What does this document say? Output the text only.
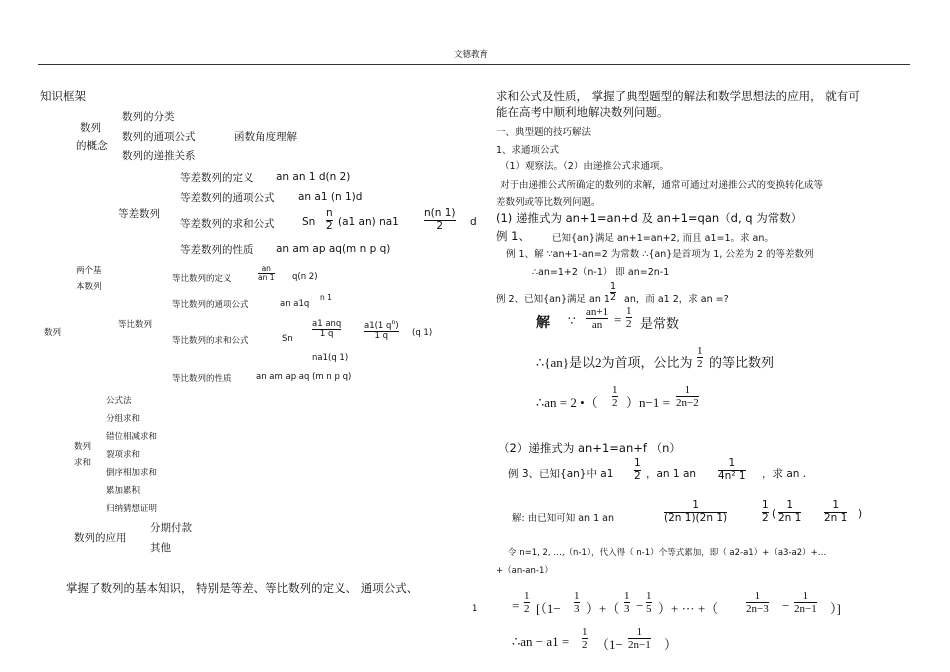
文德教育
知识框架
数列
的概念
数列的分类
数列的通项公式
数列的递推关系
函数角度理解
数列
两个基
本数列
等差数列
等差数列的定义 an an 1 d(n 2)
等差数列的通项公式 an a1 (n 1)d
等差数列的求和公式	Sn
n
2 (a1 an) na1
n(n 1)
2	d
等差数列的性质 an am ap aq(m n p q)
等比数列
等比数列的定义
an
an 1 q(n 2)
等比数列的通项公式	an a1q
n 1
等比数列的求和公式	Sn
a1 anq
1 q
a1(1 $q^n$)
1 q	(q 1)
na1(q 1)
等比数列的性质	an am ap aq (m n p q)
数列
求和
公式法
分组求和
错位相减求和
裂项求和
倒序相加求和
累加累积
归纳猜想证明
数列的应用
分期付款
其他
掌握了数列的基本知识， 特别是等差、等比数列的定义、 通项公式、
1
求和公式及性质， 掌握了典型题型的解法和数学思想法的应用， 就有可
能在高考中顺利地解决数列问题。
一、典型题的技巧解法
1、求通项公式
（1）观察法。（2）由递推公式求通项。
对于由递推公式所确定的数列的求解，通常可通过对递推公式的变换转化成等
差数列或等比数列问题。
(1) 递推式为 an+1=an+d 及 an+1=qan（d, q 为常数）
例 1、 已知{an}满足 an+1=an+2, 而且 a1=1。求 an。
例 1、解 ∵an+1-an=2 为常数 ∴{an}是首项为 1, 公差为 2 的等差数列
∴an=1+2（n-1） 即 an=2n-1
例 2、已知{an}满足 an 1
1
2 an，而 a1 2，求 an =?
解 ∵
an+1
an =
1
2 是常数
∴{an}是以2为首项，公比为
1
2 的等比数列
∴an = 2 •（
1
2 ）n−1 =
1
2n−2
（2）递推式为 an+1=an+f （n）
例 3、已知{an}中 a1
1
2 ，an 1 an
1
4n² 1 ，求 an .
解: 由已知可知 an 1 an
1
(2n 1)(2n 1)
1
2 (
1
2n 1
1
2n 1 )
令 n=1, 2, …,（n-1），代入得（ n-1）个等式累加，即（ a2-a1）+（a3-a2）+…
+（an-an-1）
=
1
2 [（1−
1
3 ）+（
1
3 −
1
5 ）+ ··· +（
1
2n−3 −
1
2n−1 ）]
∴an − a1 =
1
2 （1−
1
2n−1 ）
